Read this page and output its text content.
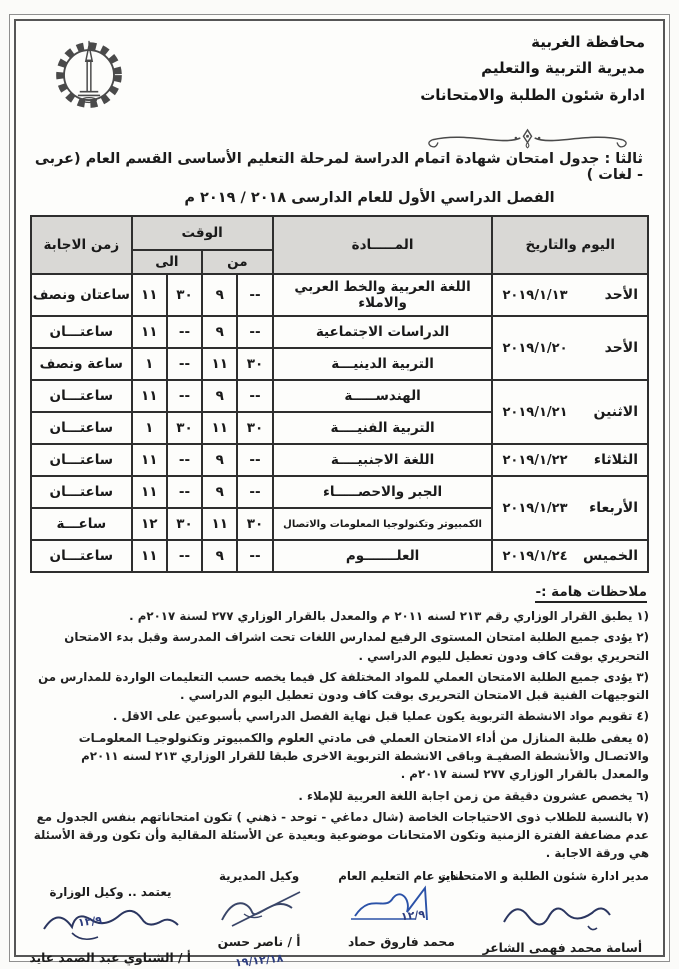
محافظة الغربية
مديرية التربية والتعليم
ادارة شئون الطلبة والامتحانات
ثالثا : جدول امتحان شهادة اتمام الدراسة لمرحلة التعليم الأساسى القسم العام (عربى - لغات )
الفصل الدراسي الأول للعام الدارسى ٢٠١٨ / ٢٠١٩ م
اليوم والتاريخ	المـــــادة	الوقت				زمن الاجابة
		من		الى		

الأحد
٢٠١٩/١/١٣	اللغة العربية والخط العربي والاملاء	--	٩	٣٠	١١	ساعتان ونصف

الأحد
٢٠١٩/١/٢٠	الدراسات الاجتماعية	--	٩	--	١١	ساعتـــان
	التربية الدينيـــة	٣٠	١١	--	١	ساعة ونصف

الاثنين
٢٠١٩/١/٢١	الهندســـــة	--	٩	--	١١	ساعتـــان
	التربية الفنيــــة	٣٠	١١	٣٠	١	ساعتـــان

الثلاثاء
٢٠١٩/١/٢٢	اللغة الاجنبيــــة	--	٩	--	١١	ساعتـــان

الأربعاء
٢٠١٩/١/٢٣	الجبر والاحصـــــاء	--	٩	--	١١	ساعتـــان
	الكمبيوتر وتكنولوجيا المعلومات والاتصال	٣٠	١١	٣٠	١٢	ساعـــة

الخميس
٢٠١٩/١/٢٤	العلـــــــوم	--	٩	--	١١	ساعتـــان
ملاحظات هامة :-
١)يطبق القرار الوزاري رقم ٢١٣ لسنه ٢٠١١ م والمعدل بالقرار الوزاري ٢٧٧ لسنة ٢٠١٧م .
٢)يؤدى جميع الطلبة امتحان المستوى الرفيع لمدارس اللغات تحت اشراف المدرسة وقبل بدء الامتحان التحريري بوقت كاف ودون تعطيل لليوم الدراسي .
٣)يؤدى جميع الطلبة الامتحان العملي للمواد المختلفة كل فيما يخصه حسب التعليمات الواردة للمدارس من التوجيهات الفنية قبل الامتحان التحريرى بوقت كاف ودون تعطيل اليوم الدراسي .
٤)تقويم مواد الانشطة التربوية يكون عمليا قبل نهاية الفصل الدراسي بأسبوعين على الاقل .
٥)يعفى طلبة المنازل من أداء الامتحان العملي فى مادتي العلوم والكمبيوتر وتكنولوجيـا المعلومـات والاتصـال والأنشطة الصفيـة وباقى الانشطة التربوية الاخرى طبقا للقرار الوزاري ٢١٣ لسنه ٢٠١١م والمعدل بالقرار الوزاري ٢٧٧ لسنة ٢٠١٧م .
٦)يخصص عشرون دقيقة من زمن اجابة اللغة العربية للإملاء .
٧)بالنسبة للطلاب ذوى الاحتياجات الخاصة (شال دماغي - توحد - ذهني ) تكون امتحاناتهم بنفس الجدول مع عدم مضاعفة الفترة الزمنية وتكون الامتحانات موضوعية وبعيدة عن الأسئلة المقالية وأن تكون ورقة الأسئلة هي ورقة الاجابة .
مدير ادارة شئون الطلبة و الامتحانات
أسامة محمد فهمى الشاعر
مدير عام التعليم العام
١٢/٩
محمد فاروق حماد
وكيل المديرية
أ / ناصر حسن
١٩/١٢/١٨
يعتمد .. وكيل الوزارة
١٢/٩
أ / الشناوي عبد الصمد عايد
